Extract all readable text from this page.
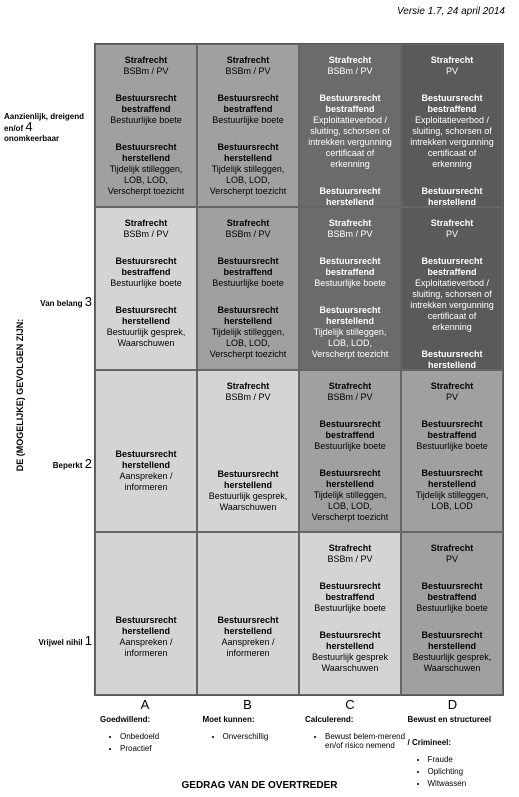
Versie 1.7, 24 april 2014
DE (MOGELIJKE) GEVOLGEN ZIJN:
Aanzienlijk, dreigend en/of 4
onomkeerbaar
Van belang 3
Beperkt 2
Vrijwel nihil 1
Strafrecht
BSBm / PV
Bestuursrecht bestraffend
Bestuurlijke boete
Bestuursrecht herstellend
Tijdelijk stilleggen, LOB, LOD, Verscherpt toezicht
Strafrecht
BSBm / PV
Bestuursrecht bestraffend
Bestuurlijke boete
Bestuursrecht herstellend
Tijdelijk stilleggen, LOB, LOD, Verscherpt toezicht
Strafrecht
BSBm / PV
Bestuursrecht bestraffend
Exploitatieverbod / sluiting, schorsen of intrekken vergunning certificaat of erkenning
Bestuursrecht herstellend
Strafrecht
PV
Bestuursrecht bestraffend
Exploitatieverbod / sluiting, schorsen of intrekken vergunning certificaat of erkenning
Bestuursrecht herstellend
Strafrecht
BSBm / PV
Bestuursrecht bestraffend
Bestuurlijke boete
Bestuursrecht herstellend
Bestuurlijk gesprek, Waarschuwen
Strafrecht
BSBm / PV
Bestuursrecht bestraffend
Bestuurlijke boete
Bestuursrecht herstellend
Tijdelijk stilleggen, LOB, LOD, Verscherpt toezicht
Strafrecht
BSBm / PV
Bestuursrecht bestraffend
Bestuurlijke boete
Bestuursrecht herstellend
Tijdelijk stilleggen, LOB, LOD, Verscherpt toezicht
Strafrecht
PV
Bestuursrecht bestraffend
Exploitatieverbod / sluiting, schorsen of intrekken vergunning certificaat of erkenning
Bestuursrecht herstellend
Bestuursrecht herstellend
Aanspreken / informeren
Strafrecht
BSBm / PV
Bestuursrecht herstellend
Bestuurlijk gesprek, Waarschuwen
Strafrecht
BSBm / PV
Bestuursrecht bestraffend
Bestuurlijke boete
Bestuursrecht herstellend
Tijdelijk stilleggen, LOB, LOD, Verscherpt toezicht
Strafrecht
PV
Bestuursrecht bestraffend
Bestuurlijke boete
Bestuursrecht herstellend
Tijdelijk stilleggen, LOB, LOD
Bestuursrecht herstellend
Aanspreken / informeren
Bestuursrecht herstellend
Aanspreken / informeren
Strafrecht
BSBm / PV
Bestuursrecht bestraffend
Bestuurlijke boete
Bestuursrecht herstellend
Bestuurlijk gesprek Waarschuwen
Strafrecht
PV
Bestuursrecht bestraffend
Bestuurlijke boete
Bestuursrecht herstellend
Bestuurlijk gesprek, Waarschuwen
A
Goedwillend:
• Onbedoeld
• Proactief
B
Moet kunnen:
• Onverschillig
C
Calculerend:
• Bewust belem-merend en/of risico nemend
D
Bewust en structureel
/ Crimineel:
• Fraude
• Oplichting
• Witwassen
GEDRAG VAN DE OVERTREDER
